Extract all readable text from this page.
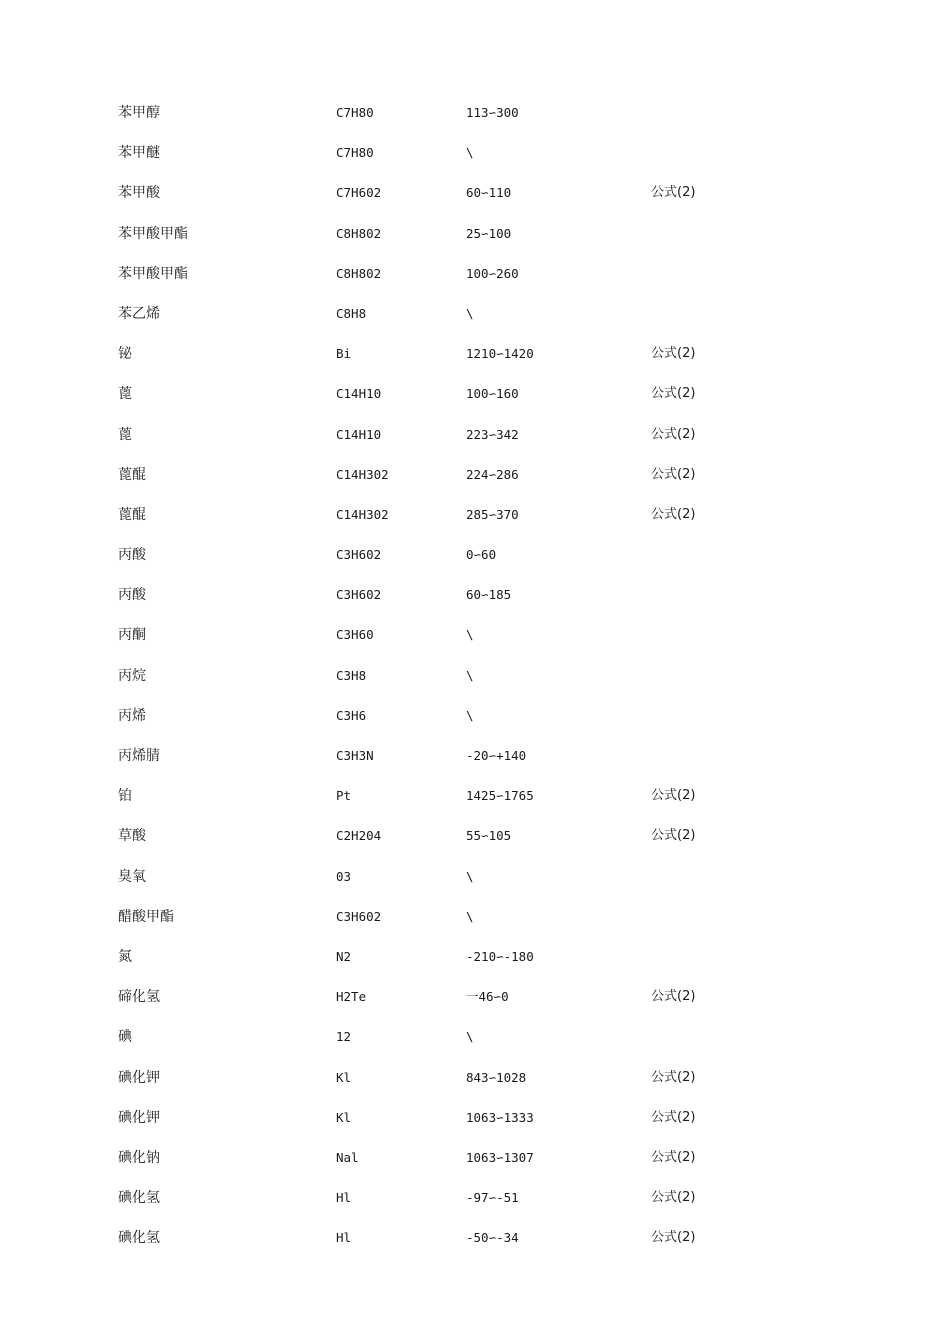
苯甲醇	C7H80	113∽300
苯甲醚	C7H80	\
苯甲酸	C7H602	60∽110	公式(2)
苯甲酸甲酯	C8H802	25∽100
苯甲酸甲酯	C8H802	100∽260
苯乙烯	C8H8	\
铋	Bi	1210∽1420	公式(2)
蓖	C14H10	100∽160	公式(2)
蓖	C14H10	223∽342	公式(2)
蓖醌	C14H302	224∽286	公式(2)
蓖醌	C14H302	285∽370	公式(2)
丙酸	C3H602	0∽60
丙酸	C3H602	60∽185
丙酮	C3H60	\
丙烷	C3H8	\
丙烯	C3H6	\
丙烯腈	C3H3N	-20∽+140
铂	Pt	1425∽1765	公式(2)
草酸	C2H204	55∽105	公式(2)
臭氧	03	\
醋酸甲酯	C3H602	\
氮	N2	-210∽-180
碲化氢	H2Te	一46∽0	公式(2)
碘	12	\
碘化钾	Kl	843∽1028	公式(2)
碘化钾	Kl	1063∽1333	公式(2)
碘化钠	Nal	1063∽1307	公式(2)
碘化氢	Hl	-97∽-51	公式(2)
碘化氢	Hl	-50∽-34	公式(2)
